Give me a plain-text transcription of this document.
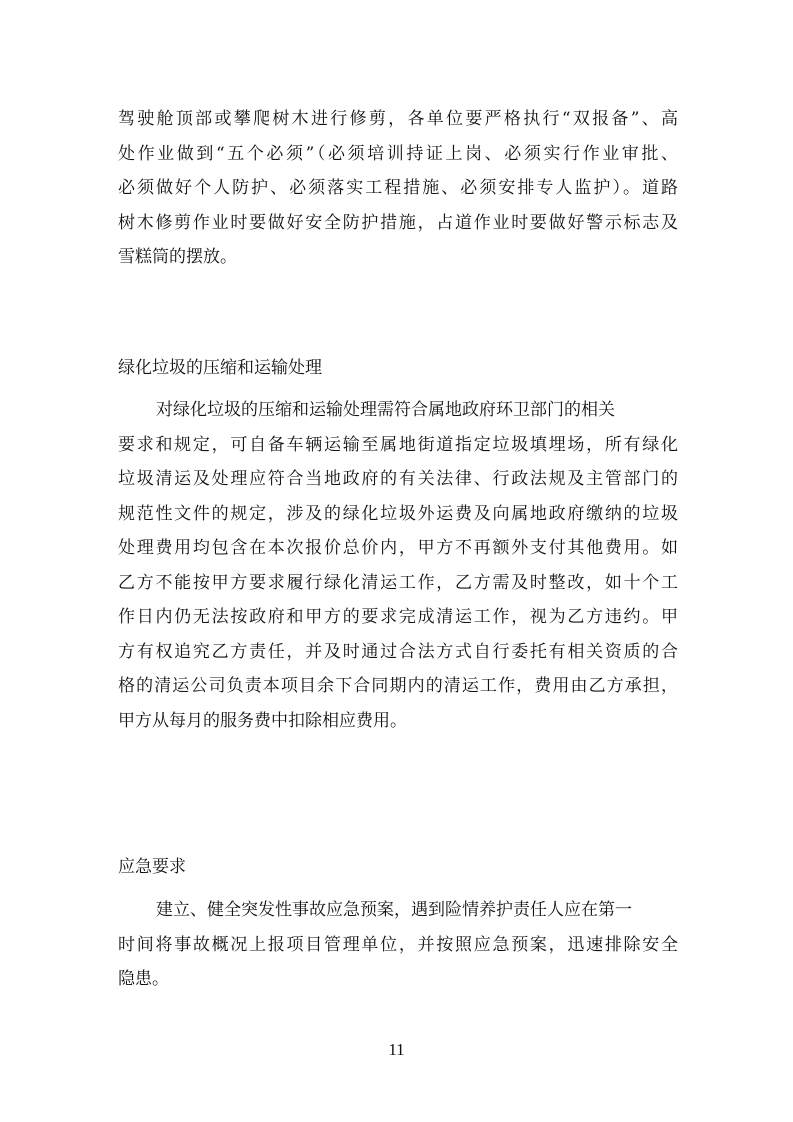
驾驶舱顶部或攀爬树木进行修剪，各单位要严格执行“双报备”、高
处作业做到“五个必须”（必须培训持证上岗、必须实行作业审批、
必须做好个人防护、必须落实工程措施、必须安排专人监护）。道路
树木修剪作业时要做好安全防护措施，占道作业时要做好警示标志及
雪糕筒的摆放。
绿化垃圾的压缩和运输处理
对绿化垃圾的压缩和运输处理需符合属地政府环卫部门的相关
要求和规定，可自备车辆运输至属地街道指定垃圾填埋场，所有绿化
垃圾清运及处理应符合当地政府的有关法律、行政法规及主管部门的
规范性文件的规定，涉及的绿化垃圾外运费及向属地政府缴纳的垃圾
处理费用均包含在本次报价总价内，甲方不再额外支付其他费用。如
乙方不能按甲方要求履行绿化清运工作，乙方需及时整改，如十个工
作日内仍无法按政府和甲方的要求完成清运工作，视为乙方违约。甲
方有权追究乙方责任，并及时通过合法方式自行委托有相关资质的合
格的清运公司负责本项目余下合同期内的清运工作，费用由乙方承担，
甲方从每月的服务费中扣除相应费用。
应急要求
建立、健全突发性事故应急预案，遇到险情养护责任人应在第一
时间将事故概况上报项目管理单位，并按照应急预案，迅速排除安全
隐患。
11
